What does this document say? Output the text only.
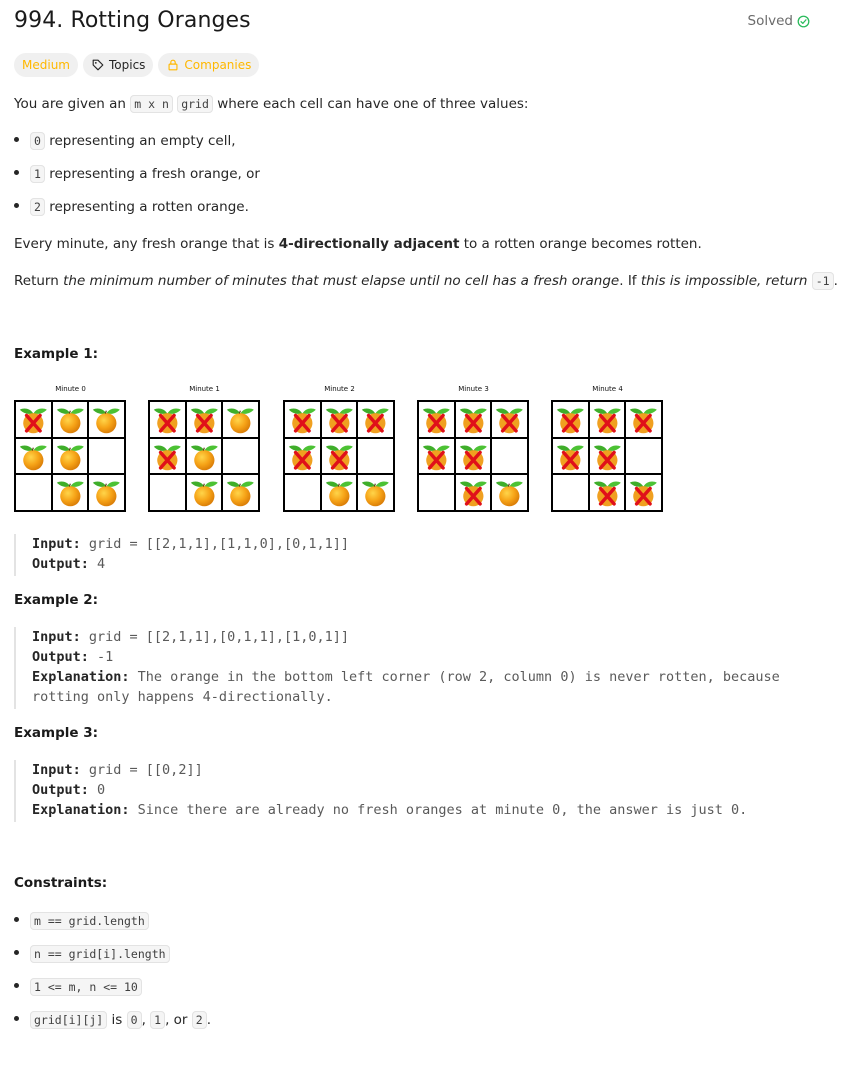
994. Rotting Oranges	Solved
Medium	Topics	Companies
You are given an m x n grid where each cell can have one of three values:
0 representing an empty cell,
1 representing a fresh orange, or
2 representing a rotten orange.
Every minute, any fresh orange that is 4-directionally adjacent to a rotten orange becomes rotten.
Return the minimum number of minutes that must elapse until no cell has a fresh orange. If this is impossible, return -1 .
Example 1:
Minute 0	Minute 1	Minute 2	Minute 3	Minute 4
Input: grid = [[2,1,1],[1,1,0],[0,1,1]]
Output: 4
Example 2:
Input: grid = [[2,1,1],[0,1,1],[1,0,1]]
Output: -1
Explanation: The orange in the bottom left corner (row 2, column 0) is never rotten, because
rotting only happens 4-directionally.
Example 3:
Input: grid = [[0,2]]
Output: 0
Explanation: Since there are already no fresh oranges at minute 0, the answer is just 0.
Constraints:
m == grid.length
n == grid[i].length
1 <= m, n <= 10
grid[i][j] is 0 , 1 , or 2 .
